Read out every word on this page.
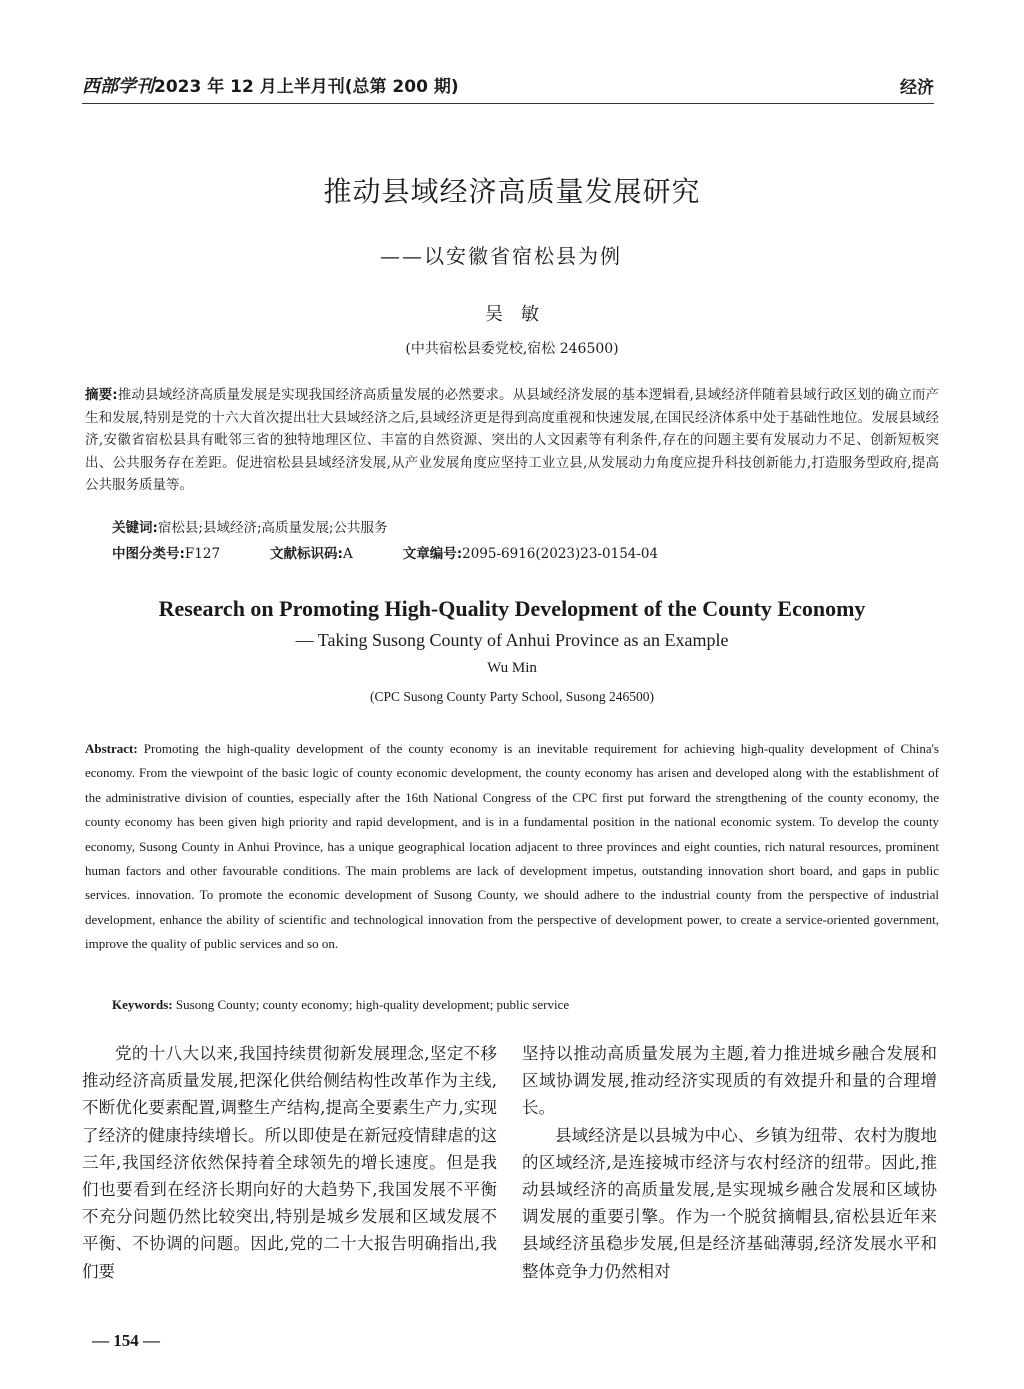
西部学刊2023 年 12 月上半月刊(总第 200 期)	经济
推动县域经济高质量发展研究
——以安徽省宿松县为例
吴　敏
(中共宿松县委党校,宿松 246500)
摘要:推动县域经济高质量发展是实现我国经济高质量发展的必然要求。从县域经济发展的基本逻辑看,县域经济伴随着县域行政区划的确立而产生和发展,特别是党的十六大首次提出壮大县域经济之后,县域经济更是得到高度重视和快速发展,在国民经济体系中处于基础性地位。发展县域经济,安徽省宿松县具有毗邻三省的独特地理区位、丰富的自然资源、突出的人文因素等有利条件,存在的问题主要有发展动力不足、创新短板突出、公共服务存在差距。促进宿松县县域经济发展,从产业发展角度应坚持工业立县,从发展动力角度应提升科技创新能力,打造服务型政府,提高公共服务质量等。
关键词:宿松县;县域经济;高质量发展;公共服务
中图分类号:F127	文献标识码:A	文章编号:2095-6916(2023)23-0154-04
Research on Promoting High-Quality Development of the County Economy
— Taking Susong County of Anhui Province as an Example
Wu Min
(CPC Susong County Party School, Susong 246500)
Abstract: Promoting the high-quality development of the county economy is an inevitable requirement for achieving high-quality development of China's economy. From the viewpoint of the basic logic of county economic development, the county economy has arisen and developed along with the establishment of the administrative division of counties, especially after the 16th National Congress of the CPC first put forward the strengthening of the county economy, the county economy has been given high priority and rapid development, and is in a fundamental position in the national economic system. To develop the county economy, Susong County in Anhui Province, has a unique geographical location adjacent to three provinces and eight counties, rich natural resources, prominent human factors and other favourable conditions. The main problems are lack of development impetus, outstanding innovation short board, and gaps in public services. innovation. To promote the economic development of Susong County, we should adhere to the industrial county from the perspective of industrial development, enhance the ability of scientific and technological innovation from the perspective of development power, to create a service-oriented government, improve the quality of public services and so on.
Keywords: Susong County; county economy; high-quality development; public service

党的十八大以来,我国持续贯彻新发展理念,坚定不移推动经济高质量发展,把深化供给侧结构性改革作为主线,不断优化要素配置,调整生产结构,提高全要素生产力,实现了经济的健康持续增长。所以即使是在新冠疫情肆虐的这三年,我国经济依然保持着全球领先的增长速度。但是我们也要看到在经济长期向好的大趋势下,我国发展不平衡不充分问题仍然比较突出,特别是城乡发展和区域发展不平衡、不协调的问题。因此,党的二十大报告明确指出,我们要

坚持以推动高质量发展为主题,着力推进城乡融合发展和区域协调发展,推动经济实现质的有效提升和量的合理增长。

县域经济是以县城为中心、乡镇为纽带、农村为腹地的区域经济,是连接城市经济与农村经济的纽带。因此,推动县域经济的高质量发展,是实现城乡融合发展和区域协调发展的重要引擎。作为一个脱贫摘帽县,宿松县近年来县域经济虽稳步发展,但是经济基础薄弱,经济发展水平和整体竞争力仍然相对

— 154 —
